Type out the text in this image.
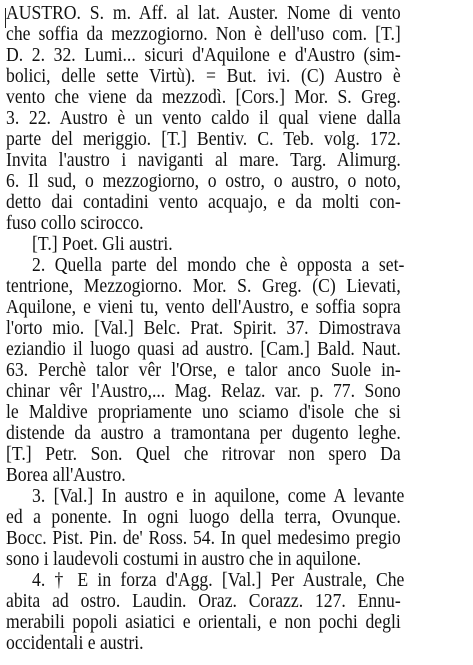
AUSTRO. S. m. Aff. al lat. Auster. Nome di vento
che soffia da mezzogiorno. Non è dell'uso com. [T.]
D. 2. 32. Lumi... sicuri d'Aquilone e d'Austro (sim-
bolici, delle sette Virtù). = But. ivi. (C) Austro è
vento che viene da mezzodì. [Cors.] Mor. S. Greg.
3. 22. Austro è un vento caldo il qual viene dalla
parte del meriggio. [T.] Bentiv. C. Teb. volg. 172.
Invita l'austro i naviganti al mare. Targ. Alimurg.
6. Il sud, o mezzogiorno, o ostro, o austro, o noto,
detto dai contadini vento acquajo, e da molti con-
fuso collo scirocco.
[T.] Poet. Gli austri.
2. Quella parte del mondo che è opposta a set-
tentrione, Mezzogiorno. Mor. S. Greg. (C) Lievati,
Aquilone, e vieni tu, vento dell'Austro, e soffia sopra
l'orto mio. [Val.] Belc. Prat. Spirit. 37. Dimostrava
eziandio il luogo quasi ad austro. [Cam.] Bald. Naut.
63. Perchè talor vêr l'Orse, e talor anco Suole in-
chinar vêr l'Austro,... Mag. Relaz. var. p. 77. Sono
le Maldive propriamente uno sciamo d'isole che si
distende da austro a tramontana per dugento leghe.
[T.] Petr. Son. Quel che ritrovar non spero Da
Borea all'Austro.
3. [Val.] In austro e in aquilone, come A levante
ed a ponente. In ogni luogo della terra, Ovunque.
Bocc. Pist. Pin. de' Ross. 54. In quel medesimo pregio
sono i laudevoli costumi in austro che in aquilone.
4. † E in forza d'Agg. [Val.] Per Australe, Che
abita ad ostro. Laudin. Oraz. Corazz. 127. Ennu-
merabili popoli asiatici e orientali, e non pochi degli
occidentali e austri.
